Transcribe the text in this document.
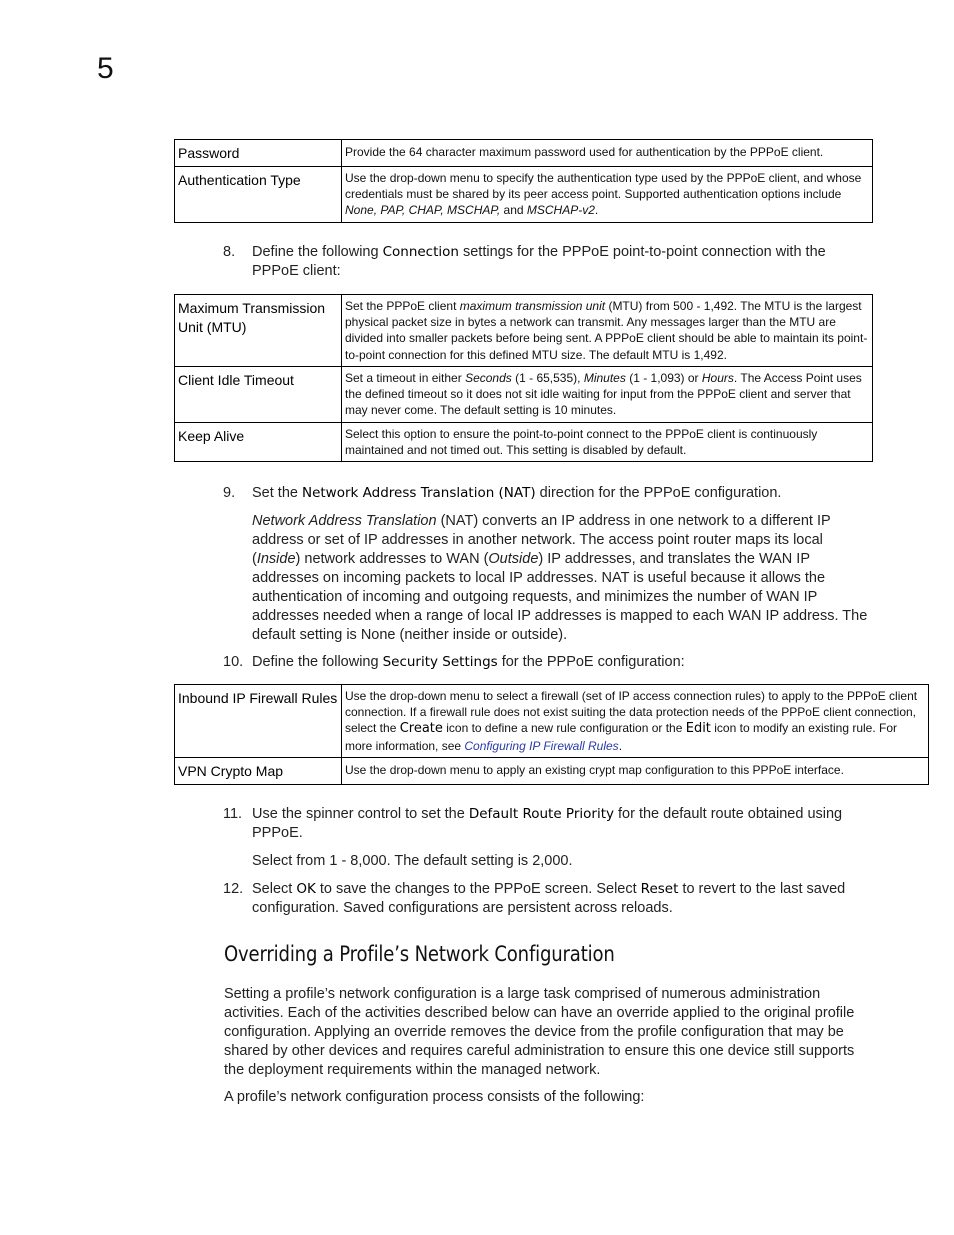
5
Password	Provide the 64 character maximum password used for authentication by the PPPoE client.
Authentication Type	Use the drop-down menu to specify the authentication type used by the PPPoE client, and whose credentials must be shared by its peer access point. Supported authentication options include None, PAP, CHAP, MSCHAP, and MSCHAP-v2.
8. Define the following Connection settings for the PPPoE point-to-point connection with the PPPoE client:
Maximum Transmission Unit (MTU)	Set the PPPoE client maximum transmission unit (MTU) from 500 - 1,492. The MTU is the largest physical packet size in bytes a network can transmit. Any messages larger than the MTU are divided into smaller packets before being sent. A PPPoE client should be able to maintain its point-to-point connection for this defined MTU size. The default MTU is 1,492.
Client Idle Timeout	Set a timeout in either Seconds (1 - 65,535), Minutes (1 - 1,093) or Hours. The Access Point uses the defined timeout so it does not sit idle waiting for input from the PPPoE client and server that may never come. The default setting is 10 minutes.
Keep Alive	Select this option to ensure the point-to-point connect to the PPPoE client is continuously maintained and not timed out. This setting is disabled by default.
9. Set the Network Address Translation (NAT) direction for the PPPoE configuration.
Network Address Translation (NAT) converts an IP address in one network to a different IP address or set of IP addresses in another network. The access point router maps its local (Inside) network addresses to WAN (Outside) IP addresses, and translates the WAN IP addresses on incoming packets to local IP addresses. NAT is useful because it allows the authentication of incoming and outgoing requests, and minimizes the number of WAN IP addresses needed when a range of local IP addresses is mapped to each WAN IP address. The default setting is None (neither inside or outside).
10. Define the following Security Settings for the PPPoE configuration:
Inbound IP Firewall Rules	Use the drop-down menu to select a firewall (set of IP access connection rules) to apply to the PPPoE client connection. If a firewall rule does not exist suiting the data protection needs of the PPPoE client connection, select the Create icon to define a new rule configuration or the Edit icon to modify an existing rule. For more information, see Configuring IP Firewall Rules.
VPN Crypto Map	Use the drop-down menu to apply an existing crypt map configuration to this PPPoE interface.
11. Use the spinner control to set the Default Route Priority for the default route obtained using PPPoE.
Select from 1 - 8,000. The default setting is 2,000.
12. Select OK to save the changes to the PPPoE screen. Select Reset to revert to the last saved configuration. Saved configurations are persistent across reloads.
Overriding a Profile’s Network Configuration
Setting a profile’s network configuration is a large task comprised of numerous administration activities. Each of the activities described below can have an override applied to the original profile configuration. Applying an override removes the device from the profile configuration that may be shared by other devices and requires careful administration to ensure this one device still supports the deployment requirements within the managed network.
A profile’s network configuration process consists of the following:
